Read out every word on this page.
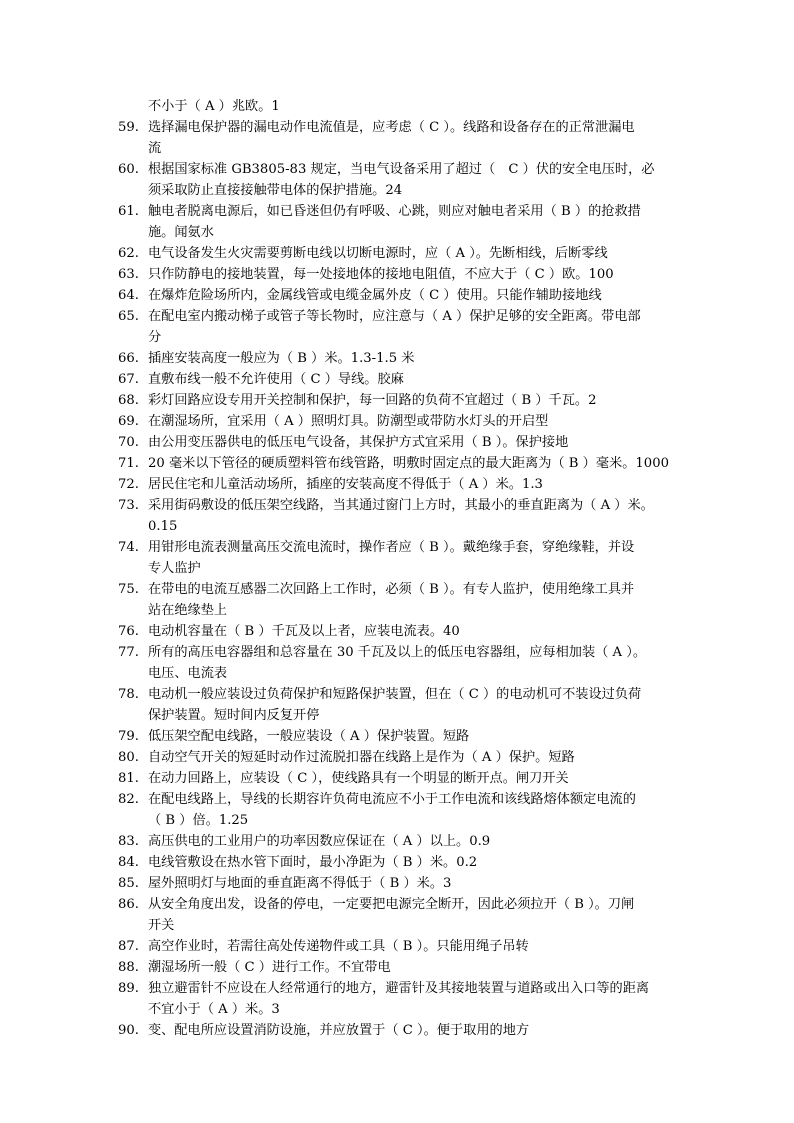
不小于（ A ）兆欧。1
59. 选择漏电保护器的漏电动作电流值是，应考虑（ C ）。线路和设备存在的正常泄漏电
流
60. 根据国家标准 GB3805-83 规定，当电气设备采用了超过（　C ）伏的安全电压时，必
须采取防止直接接触带电体的保护措施。24
61. 触电者脱离电源后，如已昏迷但仍有呼吸、心跳，则应对触电者采用（ B ）的抢救措
施。闻氨水
62. 电气设备发生火灾需要剪断电线以切断电源时，应（ A ）。先断相线，后断零线
63. 只作防静电的接地装置，每一处接地体的接地电阻值，不应大于（ C ）欧。100
64. 在爆炸危险场所内，金属线管或电缆金属外皮（ C ）使用。只能作辅助接地线
65. 在配电室内搬动梯子或管子等长物时，应注意与（ A ）保护足够的安全距离。带电部
分
66. 插座安装高度一般应为（ B ）米。1.3-1.5 米
67. 直敷布线一般不允许使用（ C ）导线。胶麻
68. 彩灯回路应设专用开关控制和保护，每一回路的负荷不宜超过（ B ）千瓦。2
69. 在潮湿场所，宜采用（ A ）照明灯具。防潮型或带防水灯头的开启型
70. 由公用变压器供电的低压电气设备，其保护方式宜采用（ B ）。保护接地
71. 20 毫米以下管径的硬质塑料管布线管路，明敷时固定点的最大距离为（ B ）毫米。1000
72. 居民住宅和儿童活动场所，插座的安装高度不得低于（ A ）米。1.3
73. 采用街码敷设的低压架空线路，当其通过窗门上方时，其最小的垂直距离为（ A ）米。
0.15
74. 用钳形电流表测量高压交流电流时，操作者应（ B ）。戴绝缘手套，穿绝缘鞋，并设
专人监护
75. 在带电的电流互感器二次回路上工作时，必须（ B ）。有专人监护，使用绝缘工具并
站在绝缘垫上
76. 电动机容量在（ B ）千瓦及以上者，应装电流表。40
77. 所有的高压电容器组和总容量在 30 千瓦及以上的低压电容器组，应每相加装（ A ）。
电压、电流表
78. 电动机一般应装设过负荷保护和短路保护装置，但在（ C ）的电动机可不装设过负荷
保护装置。短时间内反复开停
79. 低压架空配电线路，一般应装设（ A ）保护装置。短路
80. 自动空气开关的短延时动作过流脱扣器在线路上是作为（ A ）保护。短路
81. 在动力回路上，应装设（ C ），使线路具有一个明显的断开点。闸刀开关
82. 在配电线路上，导线的长期容许负荷电流应不小于工作电流和该线路熔体额定电流的
（ B ）倍。1.25
83. 高压供电的工业用户的功率因数应保证在（ A ）以上。0.9
84. 电线管敷设在热水管下面时，最小净距为（ B ）米。0.2
85. 屋外照明灯与地面的垂直距离不得低于（ B ）米。3
86. 从安全角度出发，设备的停电，一定要把电源完全断开，因此必须拉开（ B ）。刀闸
开关
87. 高空作业时，若需往高处传递物件或工具（ B ）。只能用绳子吊转
88. 潮湿场所一般（ C ）进行工作。不宜带电
89. 独立避雷针不应设在人经常通行的地方，避雷针及其接地装置与道路或出入口等的距离
不宜小于（ A ）米。3
90. 变、配电所应设置消防设施，并应放置于（ C ）。便于取用的地方
